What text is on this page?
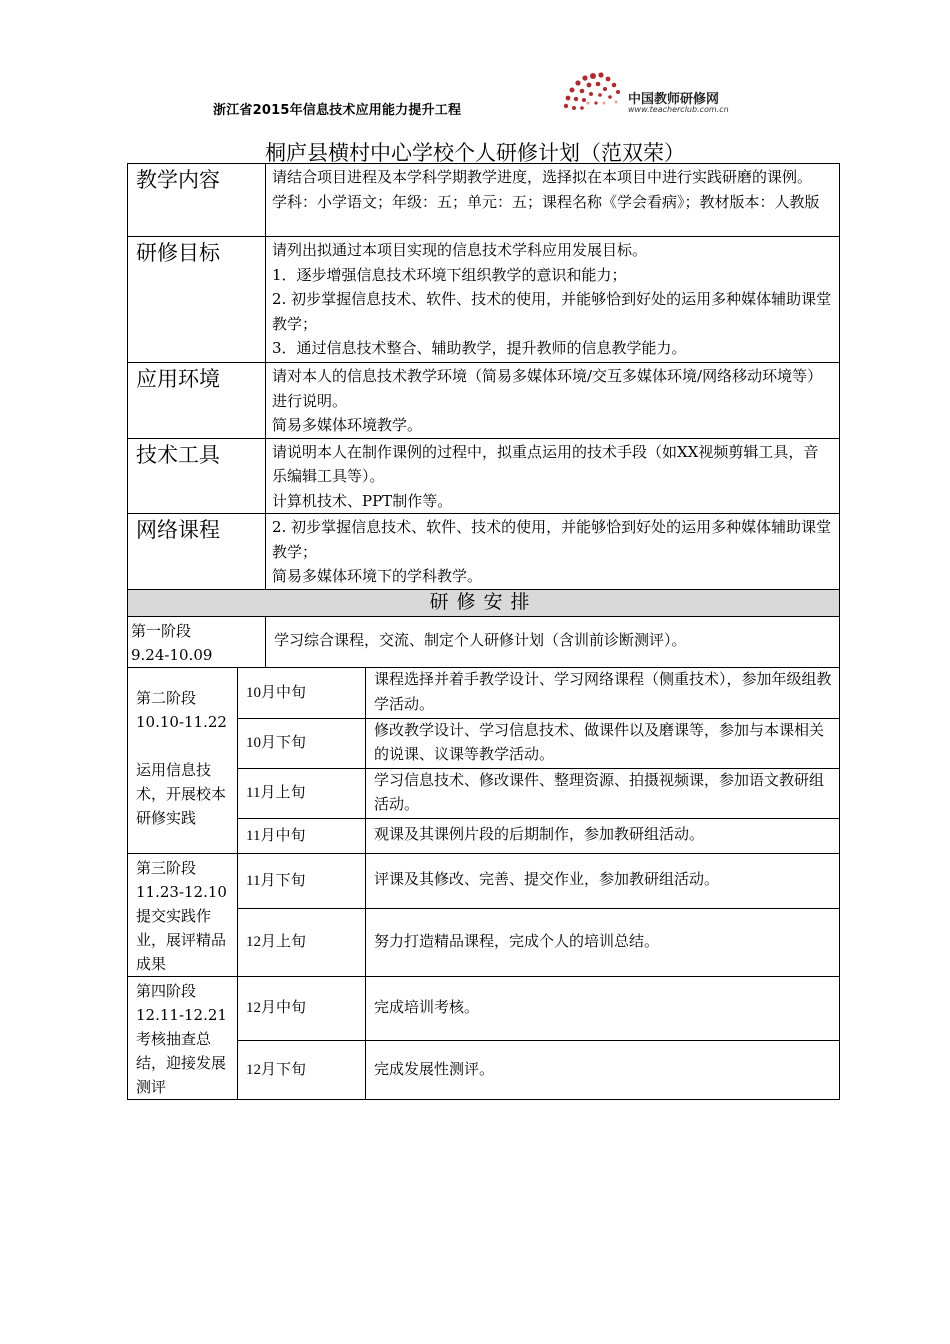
浙江省2015年信息技术应用能力提升工程
中国教师研修网
www.teacherclub.com.cn
桐庐县横村中心学校个人研修计划（范双荣）
教学内容		请结合项目进程及本学科学期教学进度，选择拟在本项目中进行实践研磨的课例。
学科：小学语文；年级：五；单元：五；课程名称《学会看病》；教材版本：人教版	

研修目标		请列出拟通过本项目实现的信息技术学科应用发展目标。
1．逐步增强信息技术环境下组织教学的意识和能力；
2. 初步掌握信息技术、软件、技术的使用，并能够恰到好处的运用多种媒体辅助课堂教学；
3．通过信息技术整合、辅助教学，提升教师的信息教学能力。	

应用环境		请对本人的信息技术教学环境（简易多媒体环境/交互多媒体环境/网络移动环境等）进行说明。
简易多媒体环境教学。	

技术工具		请说明本人在制作课例的过程中，拟重点运用的技术手段（如XX视频剪辑工具，音乐编辑工具等）。
计算机技术、PPT制作等。	

网络课程		2. 初步掌握信息技术、软件、技术的使用，并能够恰到好处的运用多种媒体辅助课堂教学；
简易多媒体环境下的学科教学。	

研修安排			

第一阶段
9.24-10.09		学习综合课程，交流、制定个人研修计划（含训前诊断测评）。	

第二阶段
10.10-11.22
运用信息技术，开展校本研修实践	10月中旬		课程选择并着手教学设计、学习网络课程（侧重技术），参加年级组教学活动。
	10月下旬		修改教学设计、学习信息技术、做课件以及磨课等，参加与本课相关的说课、议课等教学活动。
	11月上旬		学习信息技术、修改课件、整理资源、拍摄视频课，参加语文教研组活动。
	11月中旬		观课及其课例片段的后期制作，参加教研组活动。

第三阶段
11.23-12.10
提交实践作业，展评精品成果	11月下旬		评课及其修改、完善、提交作业，参加教研组活动。
	12月上旬		努力打造精品课程，完成个人的培训总结。

第四阶段
12.11-12.21
考核抽查总结，迎接发展测评	12月中旬		完成培训考核。
	12月下旬		完成发展性测评。
